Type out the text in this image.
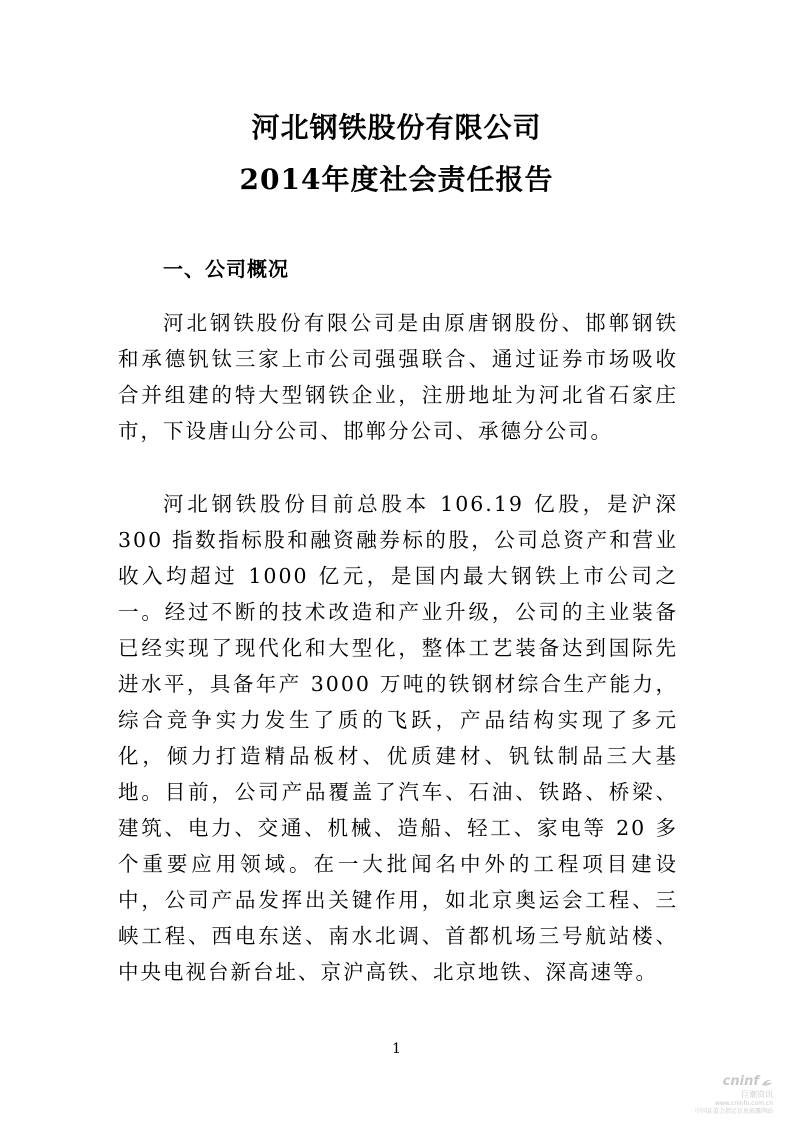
河北钢铁股份有限公司
2014年度社会责任报告
一、公司概况

河北钢铁股份有限公司是由原唐钢股份、邯郸钢铁和承德钒钛三家上市公司强强联合、通过证券市场吸收合并组建的特大型钢铁企业，注册地址为河北省石家庄市，下设唐山分公司、邯郸分公司、承德分公司。

河北钢铁股份目前总股本 106.19 亿股，是沪深 300 指数指标股和融资融券标的股，公司总资产和营业收入均超过 1000 亿元，是国内最大钢铁上市公司之一。经过不断的技术改造和产业升级，公司的主业装备已经实现了现代化和大型化，整体工艺装备达到国际先进水平，具备年产 3000 万吨的铁钢材综合生产能力，综合竞争实力发生了质的飞跃，产品结构实现了多元化，倾力打造精品板材、优质建材、钒钛制品三大基地。目前，公司产品覆盖了汽车、石油、铁路、桥梁、建筑、电力、交通、机械、造船、轻工、家电等 20 多个重要应用领域。在一大批闻名中外的工程项目建设中，公司产品发挥出关键作用，如北京奥运会工程、三峡工程、西电东送、南水北调、首都机场三号航站楼、中央电视台新台址、京沪高铁、北京地铁、深高速等。

1
cninf
巨潮资讯
www.cninfo.com.cn
中国证监会指定信息披露网站
